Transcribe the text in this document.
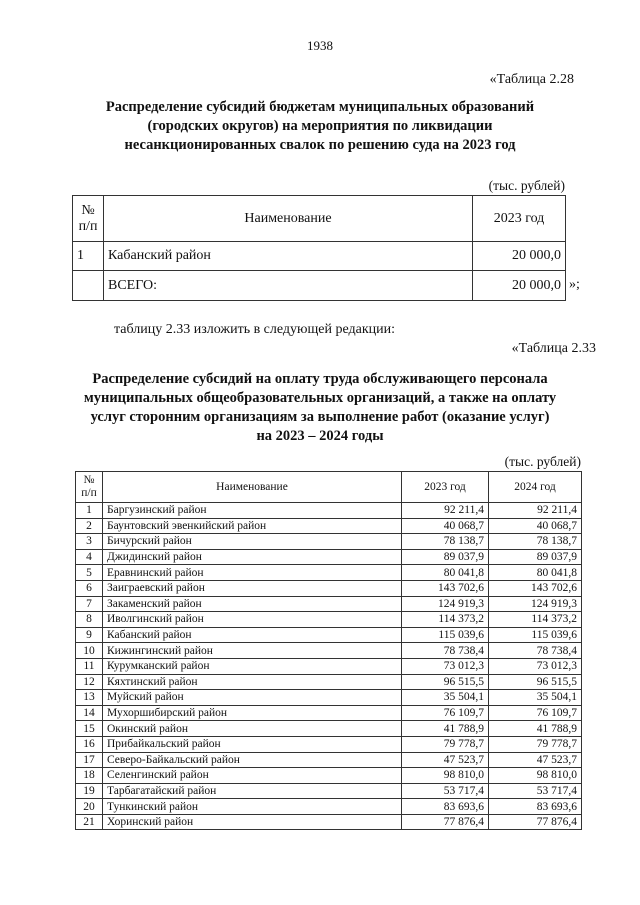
1938
«Таблица 2.28
Распределение субсидий бюджетам муниципальных образований
(городских округов) на мероприятия по ликвидации
несанкционированных свалок по решению суда на 2023 год
(тыс. рублей)
№ п/п	Наименование	2023 год
1	Кабанский район	20 000,0
	ВСЕГО:	20 000,0 »;
таблицу 2.33 изложить в следующей редакции:
«Таблица 2.33
Распределение субсидий на оплату труда обслуживающего персонала
муниципальных общеобразовательных организаций, а также на оплату
услуг сторонним организациям за выполнение работ (оказание услуг)
на 2023 – 2024 годы
(тыс. рублей)
№ п/п	Наименование	2023 год	2024 год
1	Баргузинский район	92 211,4	92 211,4
2	Баунтовский эвенкийский район	40 068,7	40 068,7
3	Бичурский район	78 138,7	78 138,7
4	Джидинский район	89 037,9	89 037,9
5	Еравнинский район	80 041,8	80 041,8
6	Заиграевский район	143 702,6	143 702,6
7	Закаменский район	124 919,3	124 919,3
8	Иволгинский район	114 373,2	114 373,2
9	Кабанский район	115 039,6	115 039,6
10	Кижингинский район	78 738,4	78 738,4
11	Курумканский район	73 012,3	73 012,3
12	Кяхтинский район	96 515,5	96 515,5
13	Муйский район	35 504,1	35 504,1
14	Мухоршибирский район	76 109,7	76 109,7
15	Окинский район	41 788,9	41 788,9
16	Прибайкальский район	79 778,7	79 778,7
17	Северо-Байкальский район	47 523,7	47 523,7
18	Селенгинский район	98 810,0	98 810,0
19	Тарбагатайский район	53 717,4	53 717,4
20	Тункинский район	83 693,6	83 693,6
21	Хоринский район	77 876,4	77 876,4
